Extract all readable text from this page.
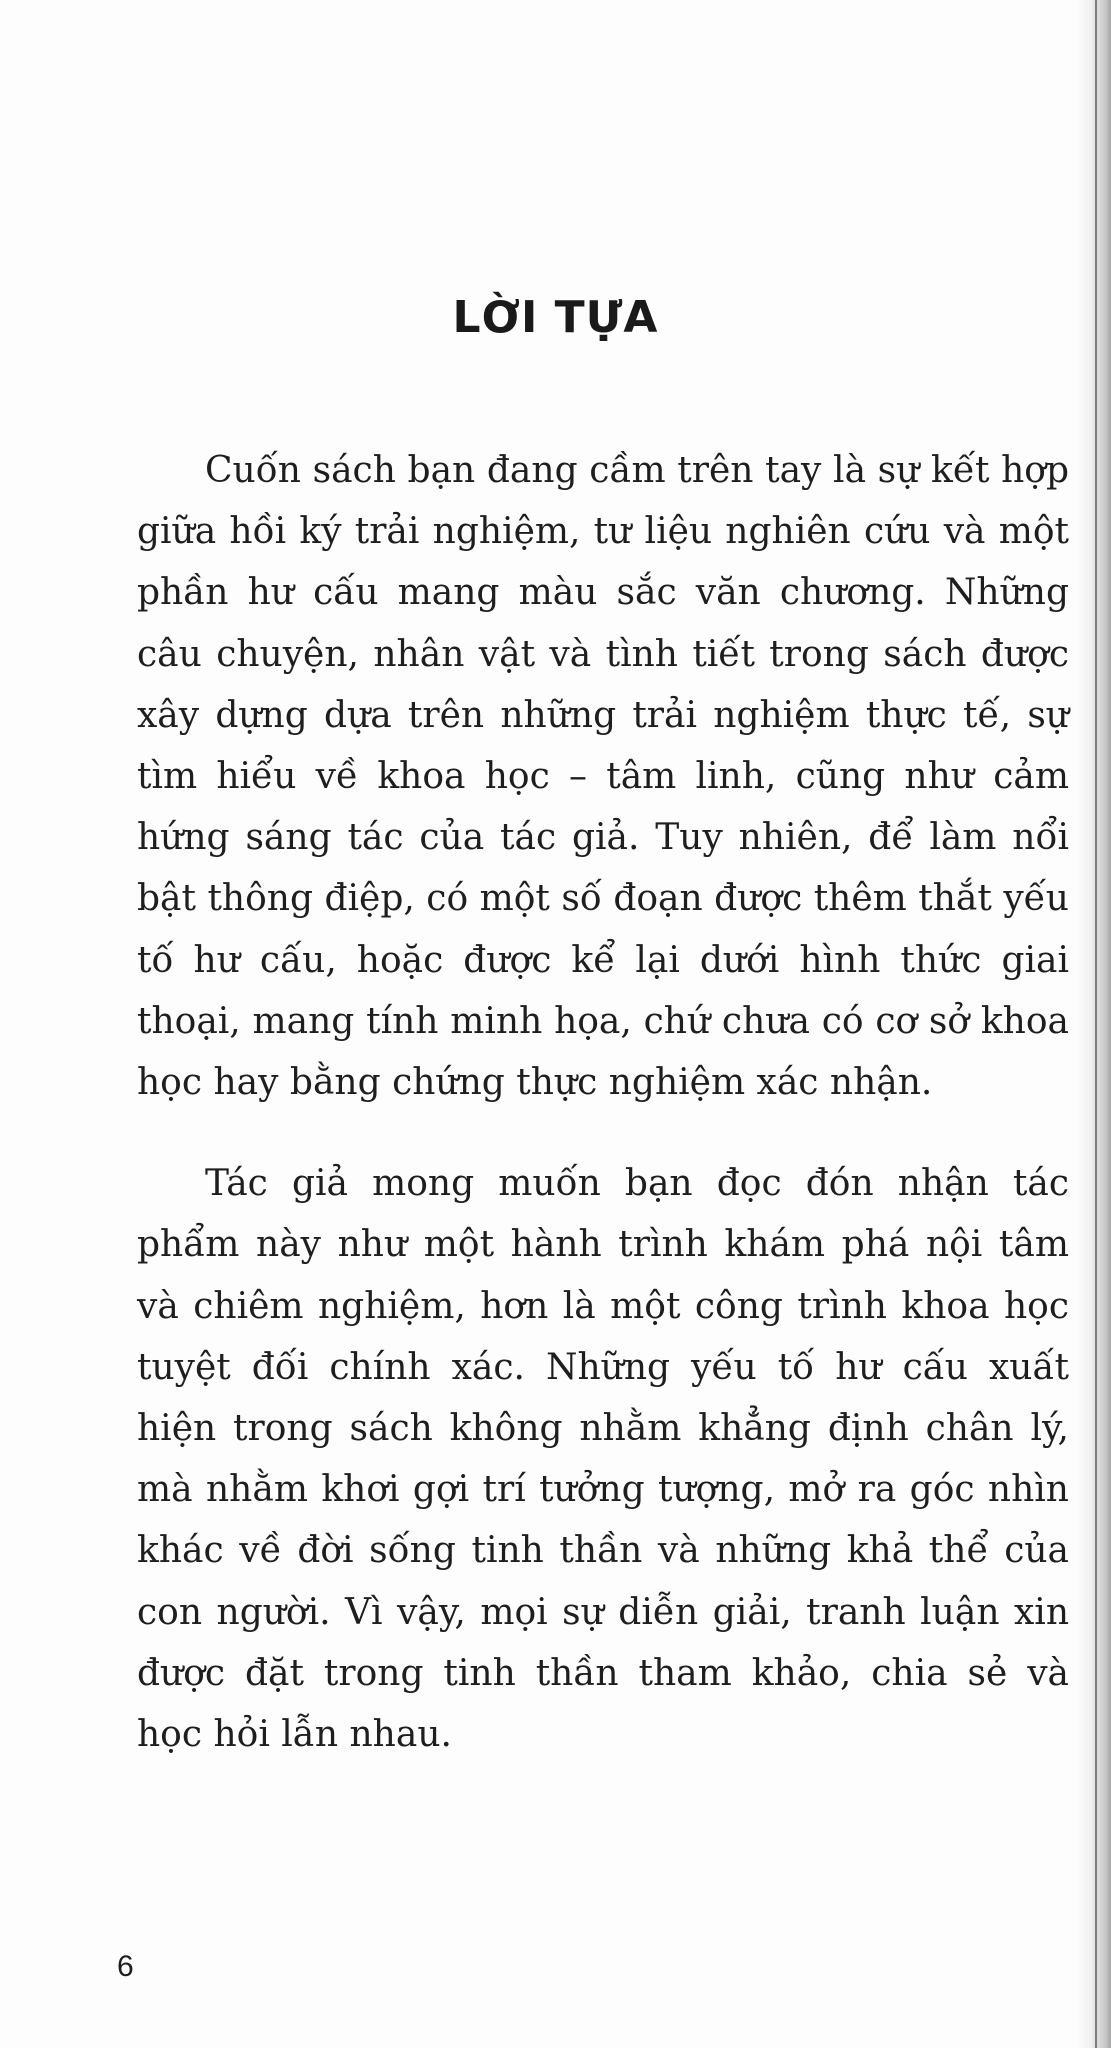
LỜI TỰA

Cuốn sách bạn đang cầm trên tay là sự kết hợp giữa hồi ký trải nghiệm, tư liệu nghiên cứu và một phần hư cấu mang màu sắc văn chương. Những câu chuyện, nhân vật và tình tiết trong sách được xây dựng dựa trên những trải nghiệm thực tế, sự tìm hiểu về khoa học – tâm linh, cũng như cảm hứng sáng tác của tác giả. Tuy nhiên, để làm nổi bật thông điệp, có một số đoạn được thêm thắt yếu tố hư cấu, hoặc được kể lại dưới hình thức giai thoại, mang tính minh họa, chứ chưa có cơ sở khoa học hay bằng chứng thực nghiệm xác nhận.

Tác giả mong muốn bạn đọc đón nhận tác phẩm này như một hành trình khám phá nội tâm và chiêm nghiệm, hơn là một công trình khoa học tuyệt đối chính xác. Những yếu tố hư cấu xuất hiện trong sách không nhằm khẳng định chân lý, mà nhằm khơi gợi trí tưởng tượng, mở ra góc nhìn khác về đời sống tinh thần và những khả thể của con người. Vì vậy, mọi sự diễn giải, tranh luận xin được đặt trong tinh thần tham khảo, chia sẻ và học hỏi lẫn nhau.

6
